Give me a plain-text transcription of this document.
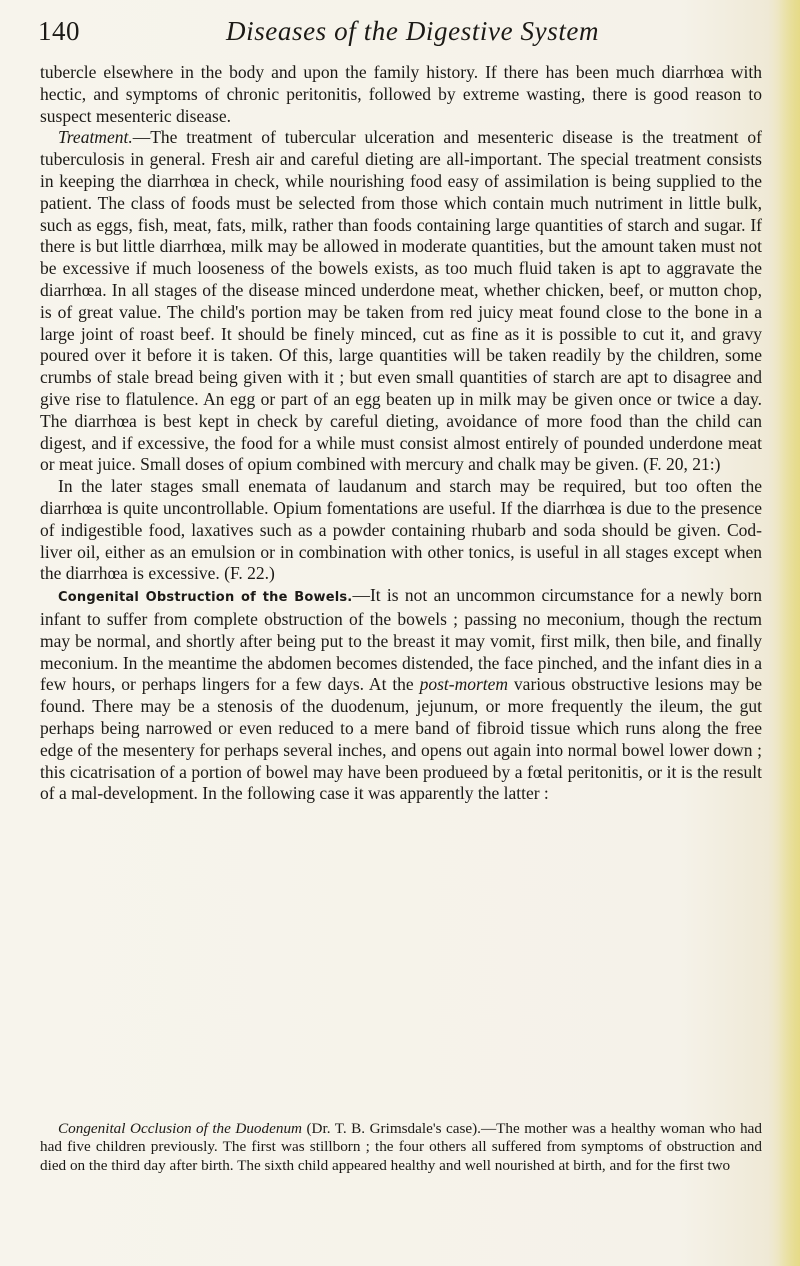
140	Diseases of the Digestive System

tubercle elsewhere in the body and upon the family history. If there has been much diarrhœa with hectic, and symptoms of chronic peritonitis, followed by extreme wasting, there is good reason to suspect mesenteric disease.

Treatment.—The treatment of tubercular ulceration and mesenteric disease is the treatment of tuberculosis in general. Fresh air and careful dieting are all-important. The special treatment consists in keeping the diarrhœa in check, while nourishing food easy of assimilation is being supplied to the patient. The class of foods must be selected from those which contain much nutriment in little bulk, such as eggs, fish, meat, fats, milk, rather than foods containing large quantities of starch and sugar. If there is but little diarrhœa, milk may be allowed in moderate quantities, but the amount taken must not be excessive if much looseness of the bowels exists, as too much fluid taken is apt to aggravate the diarrhœa. In all stages of the disease minced underdone meat, whether chicken, beef, or mutton chop, is of great value. The child's portion may be taken from red juicy meat found close to the bone in a large joint of roast beef. It should be finely minced, cut as fine as it is possible to cut it, and gravy poured over it before it is taken. Of this, large quantities will be taken readily by the children, some crumbs of stale bread being given with it ; but even small quantities of starch are apt to disagree and give rise to flatulence. An egg or part of an egg beaten up in milk may be given once or twice a day. The diarrhœa is best kept in check by careful dieting, avoidance of more food than the child can digest, and if excessive, the food for a while must consist almost entirely of pounded underdone meat or meat juice. Small doses of opium combined with mercury and chalk may be given. (F. 20, 21:)

In the later stages small enemata of laudanum and starch may be required, but too often the diarrhœa is quite uncontrollable. Opium fomentations are useful. If the diarrhœa is due to the presence of indigestible food, laxatives such as a powder containing rhubarb and soda should be given. Cod-liver oil, either as an emulsion or in combination with other tonics, is useful in all stages except when the diarrhœa is excessive. (F. 22.)

Congenital Obstruction of the Bowels.—It is not an uncommon circumstance for a newly born infant to suffer from complete obstruction of the bowels ; passing no meconium, though the rectum may be normal, and shortly after being put to the breast it may vomit, first milk, then bile, and finally meconium. In the meantime the abdomen becomes distended, the face pinched, and the infant dies in a few hours, or perhaps lingers for a few days. At the post-mortem various obstructive lesions may be found. There may be a stenosis of the duodenum, jejunum, or more frequently the ileum, the gut perhaps being narrowed or even reduced to a mere band of fibroid tissue which runs along the free edge of the mesentery for perhaps several inches, and opens out again into normal bowel lower down ; this cicatrisation of a portion of bowel may have been produeed by a fœtal peritonitis, or it is the result of a mal-development. In the following case it was apparently the latter :

Congenital Occlusion of the Duodenum (Dr. T. B. Grimsdale's case).—The mother was a healthy woman who had had five children previously. The first was stillborn ; the four others all suffered from symptoms of obstruction and died on the third day after birth. The sixth child appeared healthy and well nourished at birth, and for the first two
